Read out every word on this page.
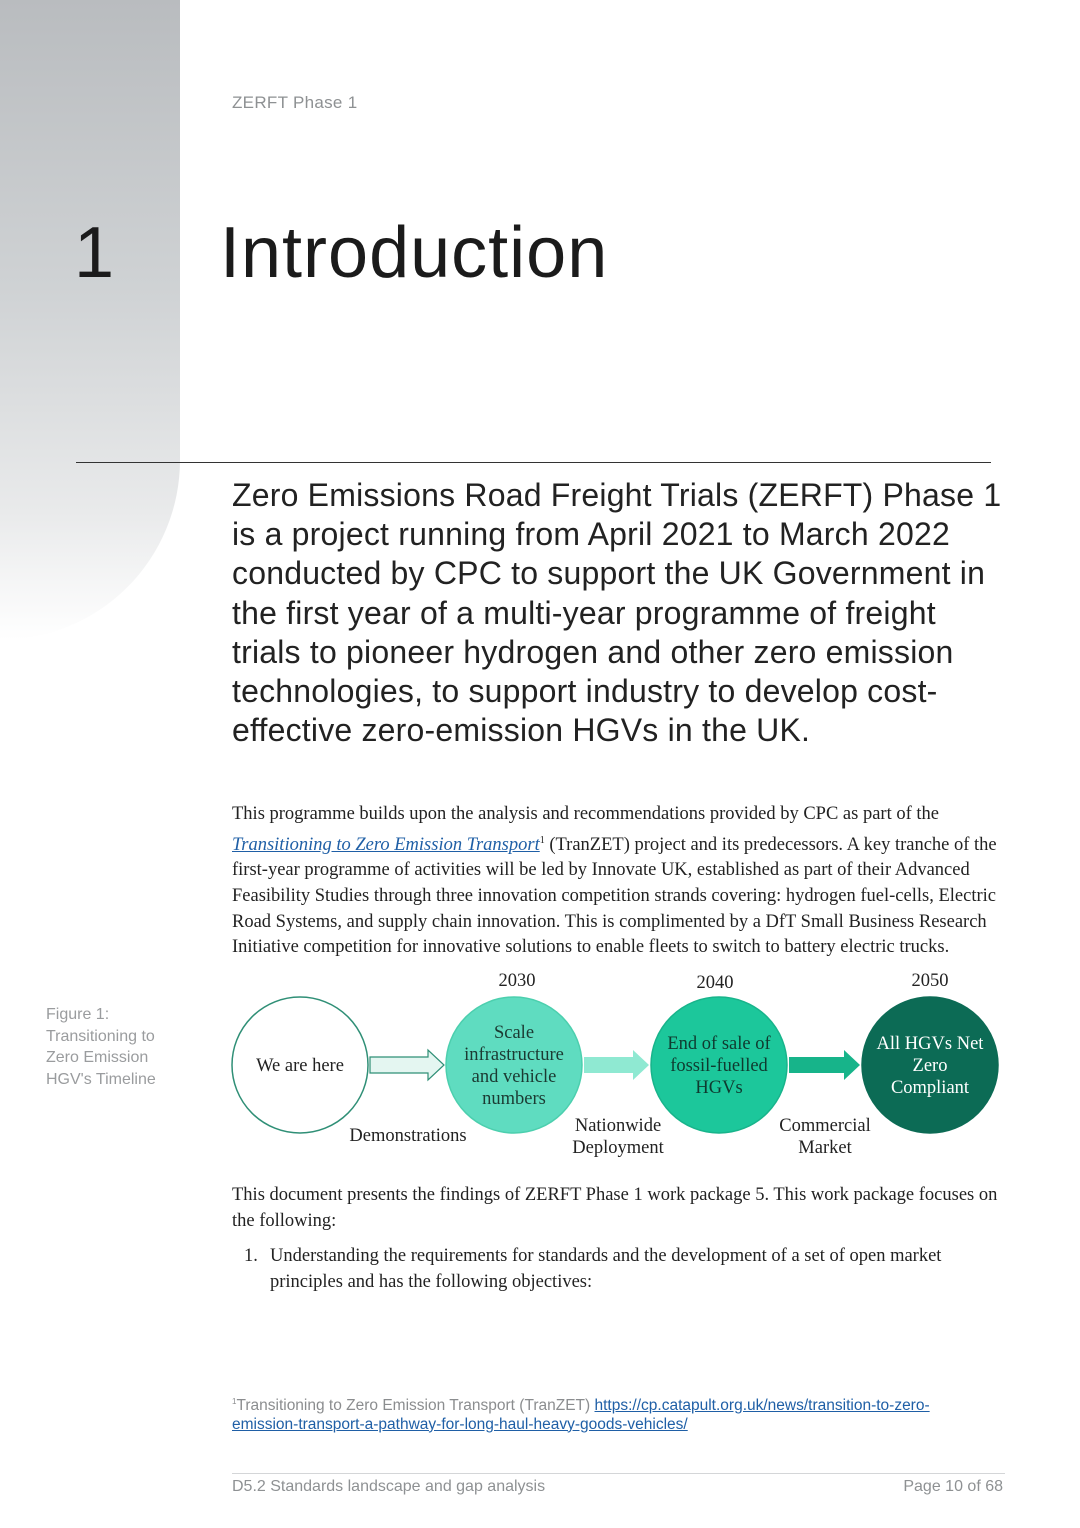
ZERFT Phase 1
1 Introduction

Zero Emissions Road Freight Trials (ZERFT) Phase 1 is a project running from April 2021 to March 2022 conducted by CPC to support the UK Government in the first year of a multi-year programme of freight trials to pioneer hydrogen and other zero emission technologies, to support industry to develop cost-effective zero-emission HGVs in the UK.

This programme builds upon the analysis and recommendations provided by CPC as part of the Transitioning to Zero Emission Transport$^1$ (TranZET) project and its predecessors. A key tranche of the first-year programme of activities will be led by Innovate UK, established as part of their Advanced Feasibility Studies through three innovation competition strands covering: hydrogen fuel-cells, Electric Road Systems, and supply chain innovation. This is complimented by a DfT Small Business Research Initiative competition for innovative solutions to enable fleets to switch to battery electric trucks.

Figure 1:
Transitioning to
Zero Emission
HGV's Timeline

We are here
Scale
infrastructure
and vehicle
numbers
2030
End of sale of
fossil-fuelled
HGVs
2040
All HGVs Net
Zero
Compliant
2050
Demonstrations	Nationwide
Deployment
Commercial
Market

This document presents the findings of ZERFT Phase 1 work package 5. This work package focuses on the following:

1. Understanding the requirements for standards and the development of a set of open market principles and has the following objectives:

$^1$Transitioning to Zero Emission Transport (TranZET) https://cp.catapult.org.uk/news/transition-to-zero-emission-transport-a-pathway-for-long-haul-heavy-goods-vehicles/

D5.2 Standards landscape and gap analysis	Page 10 of 68
